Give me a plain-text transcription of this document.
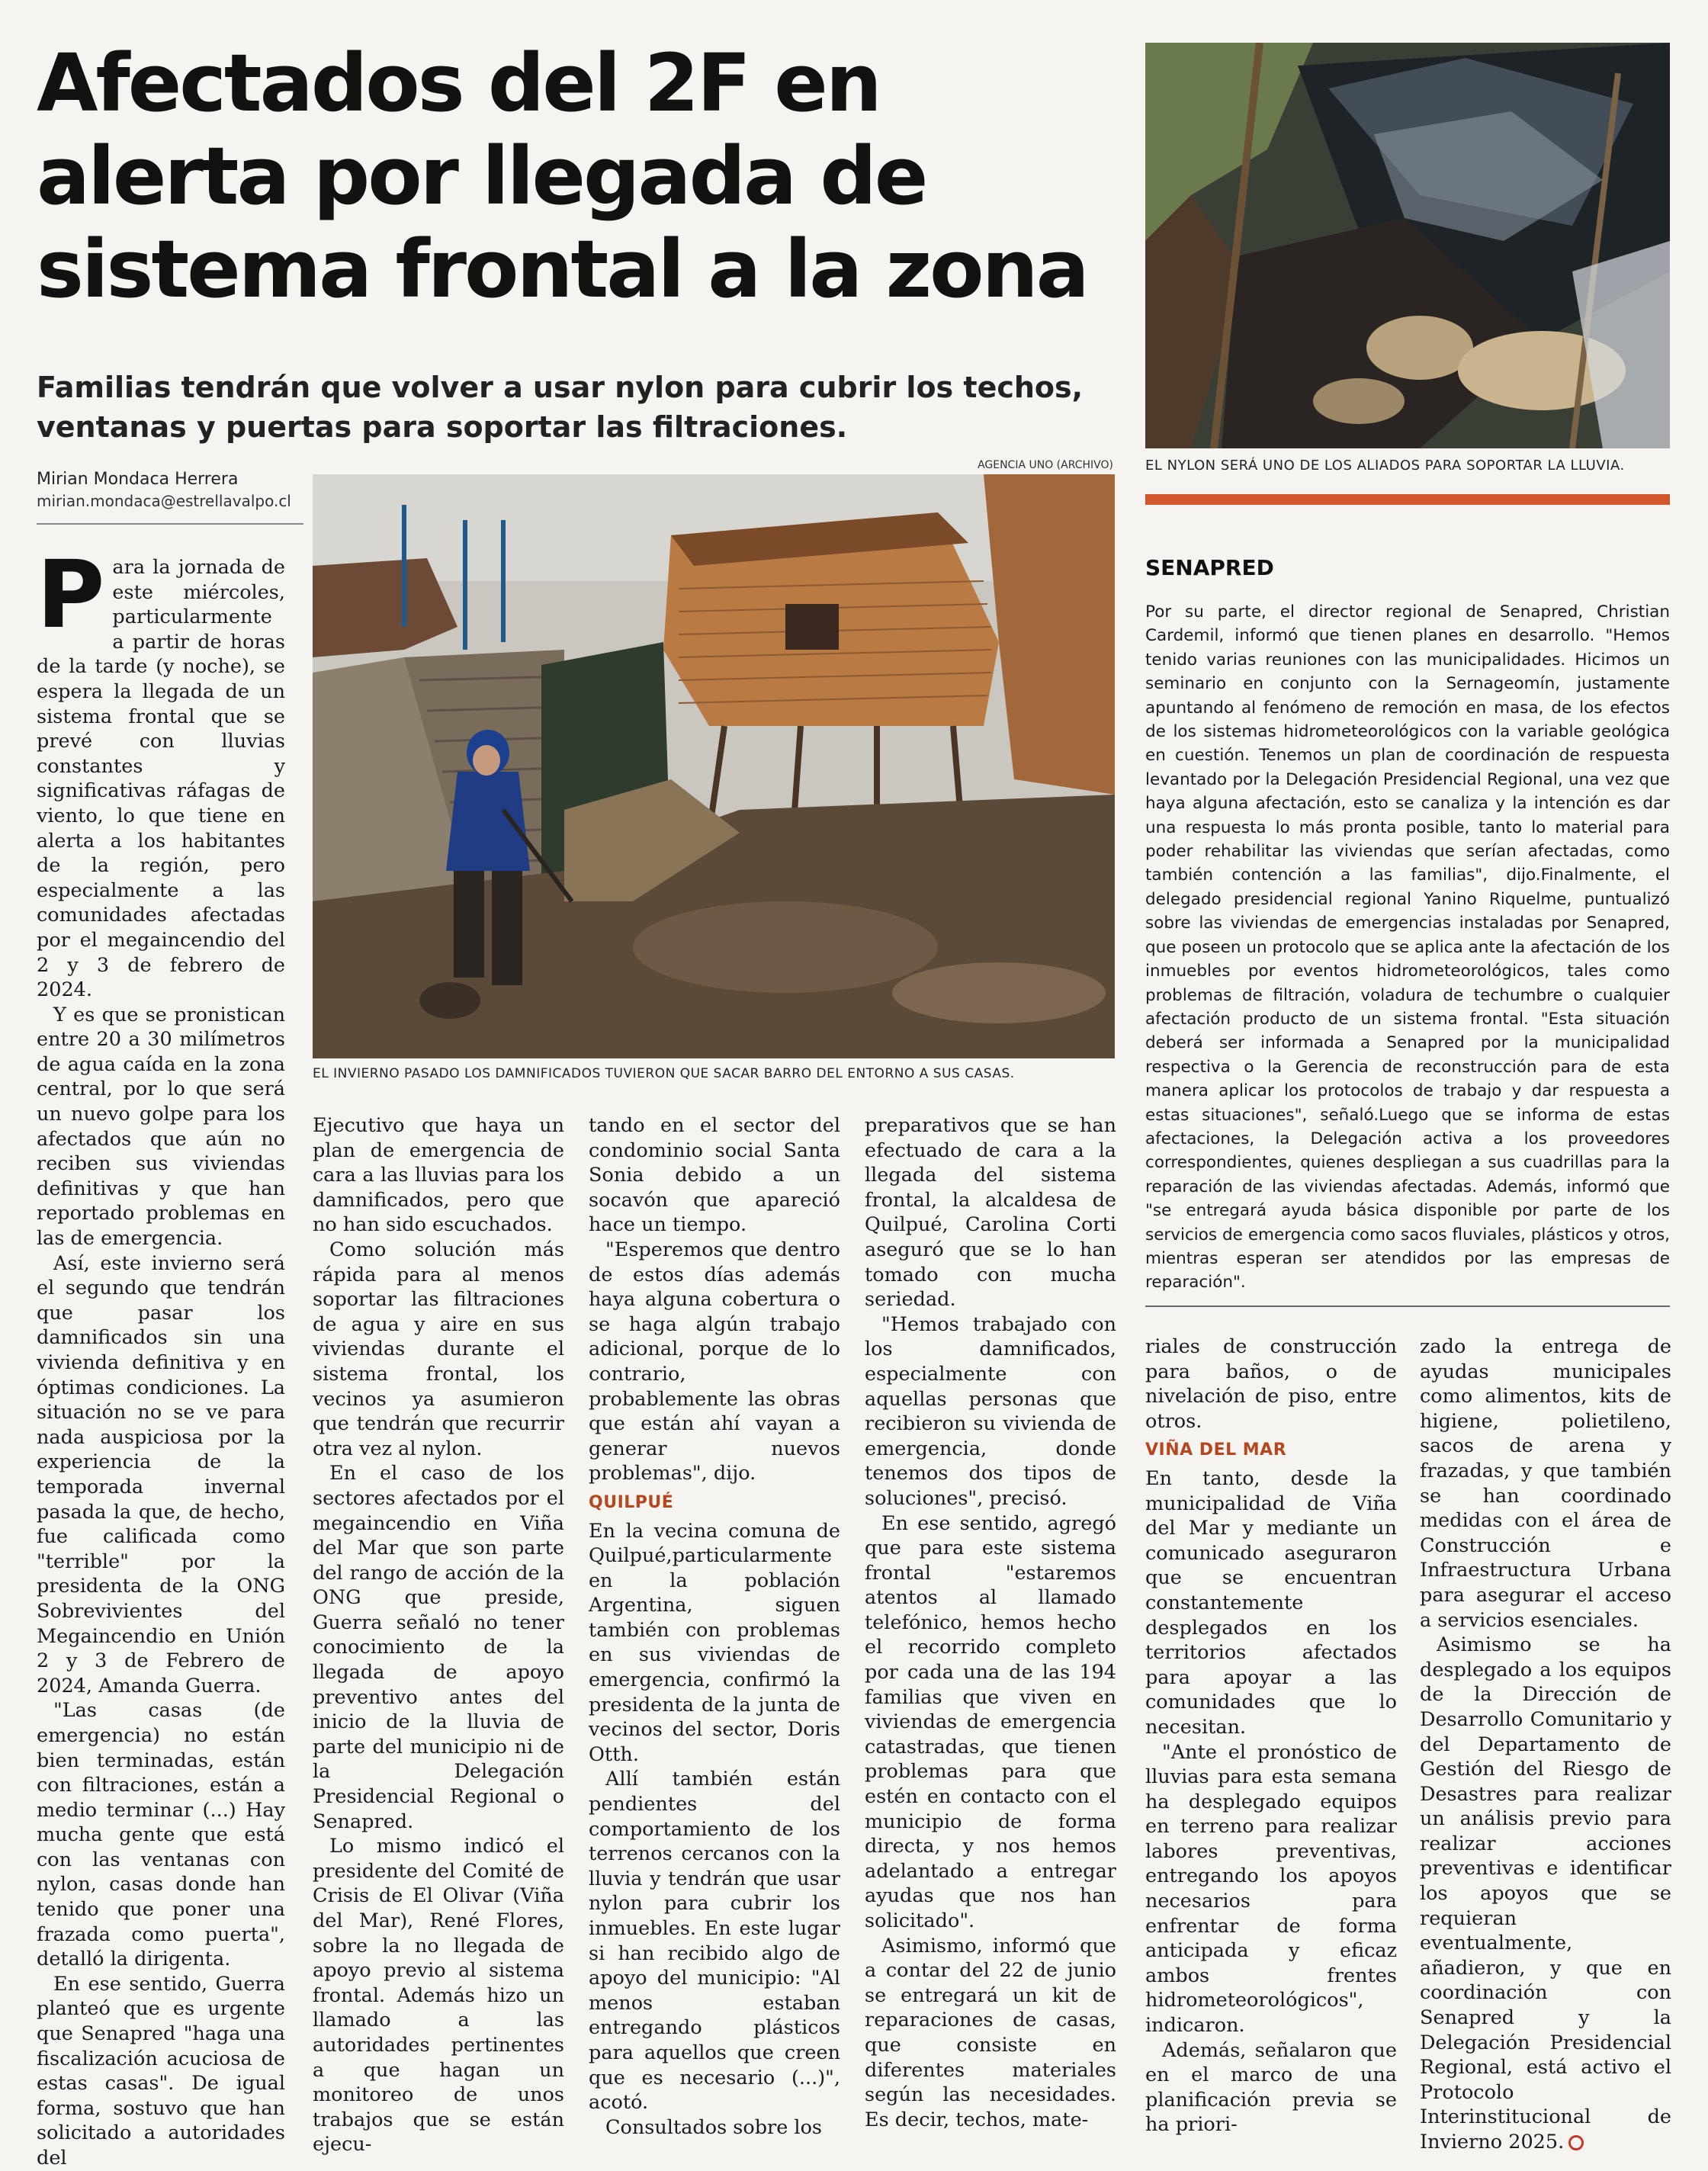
Afectados del 2F en
alerta por llegada de
sistema frontal a la zona
Familias tendrán que volver a usar nylon para cubrir los techos,
ventanas y puertas para soportar las filtraciones.
Mirian Mondaca Herrera
mirian.mondaca@estrellavalpo.cl
EL NYLON SERÁ UNO DE LOS ALIADOS PARA SOPORTAR LA LLUVIA.
AGENCIA UNO (ARCHIVO)
EL INVIERNO PASADO LOS DAMNIFICADOS TUVIERON QUE SACAR BARRO DEL ENTORNO A SUS CASAS.

Para la jornada de este miércoles, particularmente a partir de horas de la tarde (y noche), se espera la llegada de un sistema frontal que se prevé con lluvias constantes y significativas ráfagas de viento, lo que tiene en alerta a los habitantes de la región, pero especialmente a las comunidades afectadas por el megaincendio del 2 y 3 de febrero de 2024.

Y es que se pronistican entre 20 a 30 milímetros de agua caída en la zona central, por lo que será un nuevo golpe para los afectados que aún no reciben sus viviendas definitivas y que han reportado problemas en las de emergencia.

Así, este invierno será el segundo que tendrán que pasar los damnificados sin una vivienda definitiva y en óptimas condiciones. La situación no se ve para nada auspiciosa por la experiencia de la temporada invernal pasada la que, de hecho, fue calificada como "terrible" por la presidenta de la ONG Sobrevivientes del Megaincendio en Unión 2 y 3 de Febrero de 2024, Amanda Guerra.

"Las casas (de emergencia) no están bien terminadas, están con filtraciones, están a medio terminar (...) Hay mucha gente que está con las ventanas con nylon, casas donde han tenido que poner una frazada como puerta", detalló la dirigenta.

En ese sentido, Guerra planteó que es urgente que Senapred "haga una fiscalización acuciosa de estas casas". De igual forma, sostuvo que han solicitado a autoridades del

Ejecutivo que haya un plan de emergencia de cara a las lluvias para los damnificados, pero que no han sido escuchados.

Como solución más rápida para al menos soportar las filtraciones de agua y aire en sus viviendas durante el sistema frontal, los vecinos ya asumieron que tendrán que recurrir otra vez al nylon.

En el caso de los sectores afectados por el megaincendio en Viña del Mar que son parte del rango de acción de la ONG que preside, Guerra señaló no tener conocimiento de la llegada de apoyo preventivo antes del inicio de la lluvia de parte del municipio ni de la Delegación Presidencial Regional o Senapred.

Lo mismo indicó el presidente del Comité de Crisis de El Olivar (Viña del Mar), René Flores, sobre la no llegada de apoyo previo al sistema frontal. Además hizo un llamado a las autoridades pertinentes a que hagan un monitoreo de unos trabajos que se están ejecu-

tando en el sector del condominio social Santa Sonia debido a un socavón que apareció hace un tiempo.

"Esperemos que dentro de estos días además haya alguna cobertura o se haga algún trabajo adicional, porque de lo contrario, probablemente las obras que están ahí vayan a generar nuevos problemas", dijo.

QUILPUÉ

En la vecina comuna de Quilpué,particularmente en la población Argentina, siguen también con problemas en sus viviendas de emergencia, confirmó la presidenta de la junta de vecinos del sector, Doris Otth.

Allí también están pendientes del comportamiento de los terrenos cercanos con la lluvia y tendrán que usar nylon para cubrir los inmuebles. En este lugar si han recibido algo de apoyo del municipio: "Al menos estaban entregando plásticos para aquellos que creen que es necesario (...)", acotó.

Consultados sobre los

preparativos que se han efectuado de cara a la llegada del sistema frontal, la alcaldesa de Quilpué, Carolina Corti aseguró que se lo han tomado con mucha seriedad.

"Hemos trabajado con los damnificados, especialmente con aquellas personas que recibieron su vivienda de emergencia, donde tenemos dos tipos de soluciones", precisó.

En ese sentido, agregó que para este sistema frontal "estaremos atentos al llamado telefónico, hemos hecho el recorrido completo por cada una de las 194 familias que viven en viviendas de emergencia catastradas, que tienen problemas para que estén en contacto con el municipio de forma directa, y nos hemos adelantado a entregar ayudas que nos han solicitado".

Asimismo, informó que a contar del 22 de junio se entregará un kit de reparaciones de casas, que consiste en diferentes materiales según las necesidades. Es decir, techos, mate-

SENAPRED

Por su parte, el director regional de Senapred, Christian Cardemil, informó que tienen planes en desarrollo. "Hemos tenido varias reuniones con las municipalidades. Hicimos un seminario en conjunto con la Sernageomín, justamente apuntando al fenómeno de remoción en masa, de los efectos de los sistemas hidrometeorológicos con la variable geológica en cuestión. Tenemos un plan de coordinación de respuesta levantado por la Delegación Presidencial Regional, una vez que haya alguna afectación, esto se canaliza y la intención es dar una respuesta lo más pronta posible, tanto lo material para poder rehabilitar las viviendas que serían afectadas, como también contención a las familias", dijo.Finalmente, el delegado presidencial regional Yanino Riquelme, puntualizó sobre las viviendas de emergencias instaladas por Senapred, que poseen un protocolo que se aplica ante la afectación de los inmuebles por eventos hidrometeorológicos, tales como problemas de filtración, voladura de techumbre o cualquier afectación producto de un sistema frontal. "Esta situación deberá ser informada a Senapred por la municipalidad respectiva o la Gerencia de reconstrucción para de esta manera aplicar los protocolos de trabajo y dar respuesta a estas situaciones", señaló.Luego que se informa de estas afectaciones, la Delegación activa a los proveedores correspondientes, quienes despliegan a sus cuadrillas para la reparación de las viviendas afectadas. Además, informó que "se entregará ayuda básica disponible por parte de los servicios de emergencia como sacos fluviales, plásticos y otros, mientras esperan ser atendidos por las empresas de reparación".

riales de construcción para baños, o de nivelación de piso, entre otros.

VIÑA DEL MAR

En tanto, desde la municipalidad de Viña del Mar y mediante un comunicado aseguraron que se encuentran constantemente desplegados en los territorios afectados para apoyar a las comunidades que lo necesitan.

"Ante el pronóstico de lluvias para esta semana ha desplegado equipos en terreno para realizar labores preventivas, entregando los apoyos necesarios para enfrentar de forma anticipada y eficaz ambos frentes hidrometeorológicos", indicaron.

Además, señalaron que en el marco de una planificación previa se ha priori-

zado la entrega de ayudas municipales como alimentos, kits de higiene, polietileno, sacos de arena y frazadas, y que también se han coordinado medidas con el área de Construcción e Infraestructura Urbana para asegurar el acceso a servicios esenciales.

Asimismo se ha desplegado a los equipos de la Dirección de Desarrollo Comunitario y del Departamento de Gestión del Riesgo de Desastres para realizar un análisis previo para realizar acciones preventivas e identificar los apoyos que se requieran eventualmente, añadieron, y que en coordinación con Senapred y la Delegación Presidencial Regional, está activo el Protocolo Interinstitucional de Invierno 2025.
